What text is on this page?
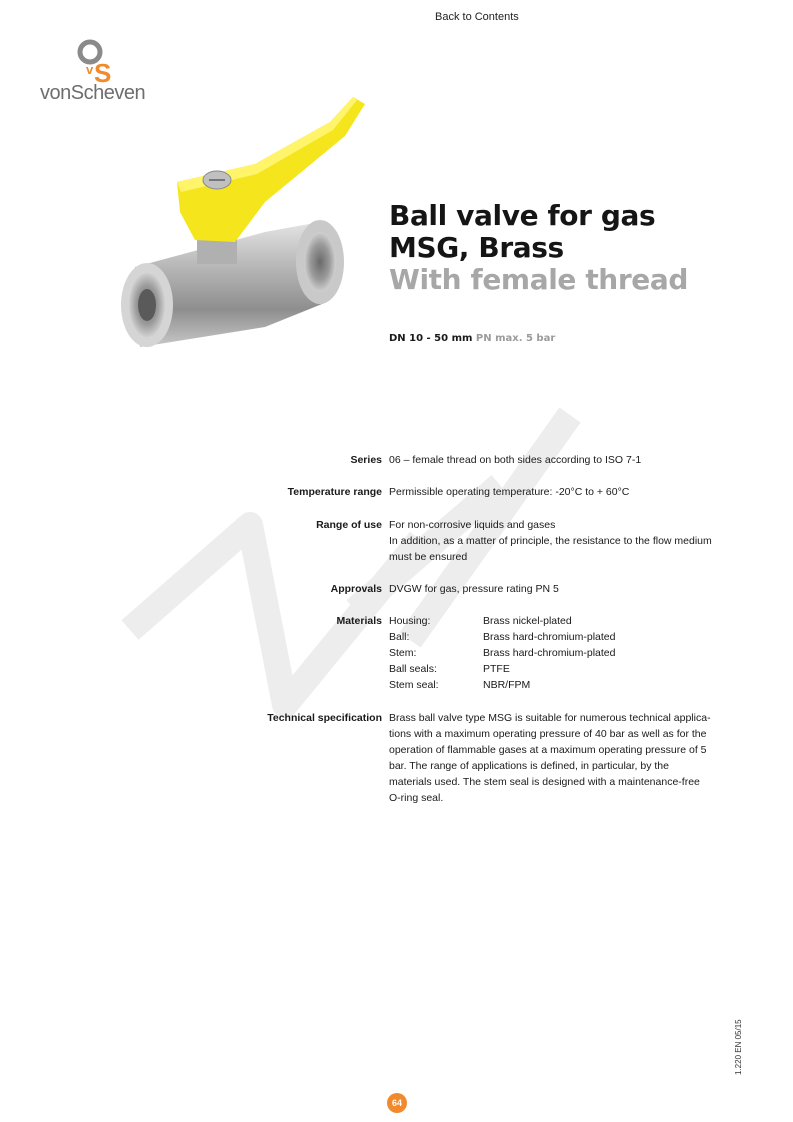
Back to Contents
S
v
vonScheven
Ball valve for gas
MSG, Brass
With female thread
DN 10 - 50 mm PN max. 5 bar
Series 06 – female thread on both sides according to ISO 7-1
Temperature range Permissible operating temperature: -20°C to + 60°C
Range of use For non-corrosive liquids and gases
In addition, as a matter of principle, the resistance to the flow medium must be ensured
Approvals DVGW for gas, pressure rating PN 5
Materials Housing:	Brass nickel-plated
Ball:	Brass hard-chromium-plated
Stem:	Brass hard-chromium-plated
Ball seals:	PTFE
Stem seal:	NBR/FPM
Technical specification Brass ball valve type MSG is suitable for numerous technical applications with a maximum operating pressure of 40 bar as well as for the operation of flammable gases at a maximum operating pressure of 5 bar. The range of applications is defined, in particular, by the materials used. The stem seal is designed with a maintenance-free O-ring seal.
1.220 EN 05/15
64
